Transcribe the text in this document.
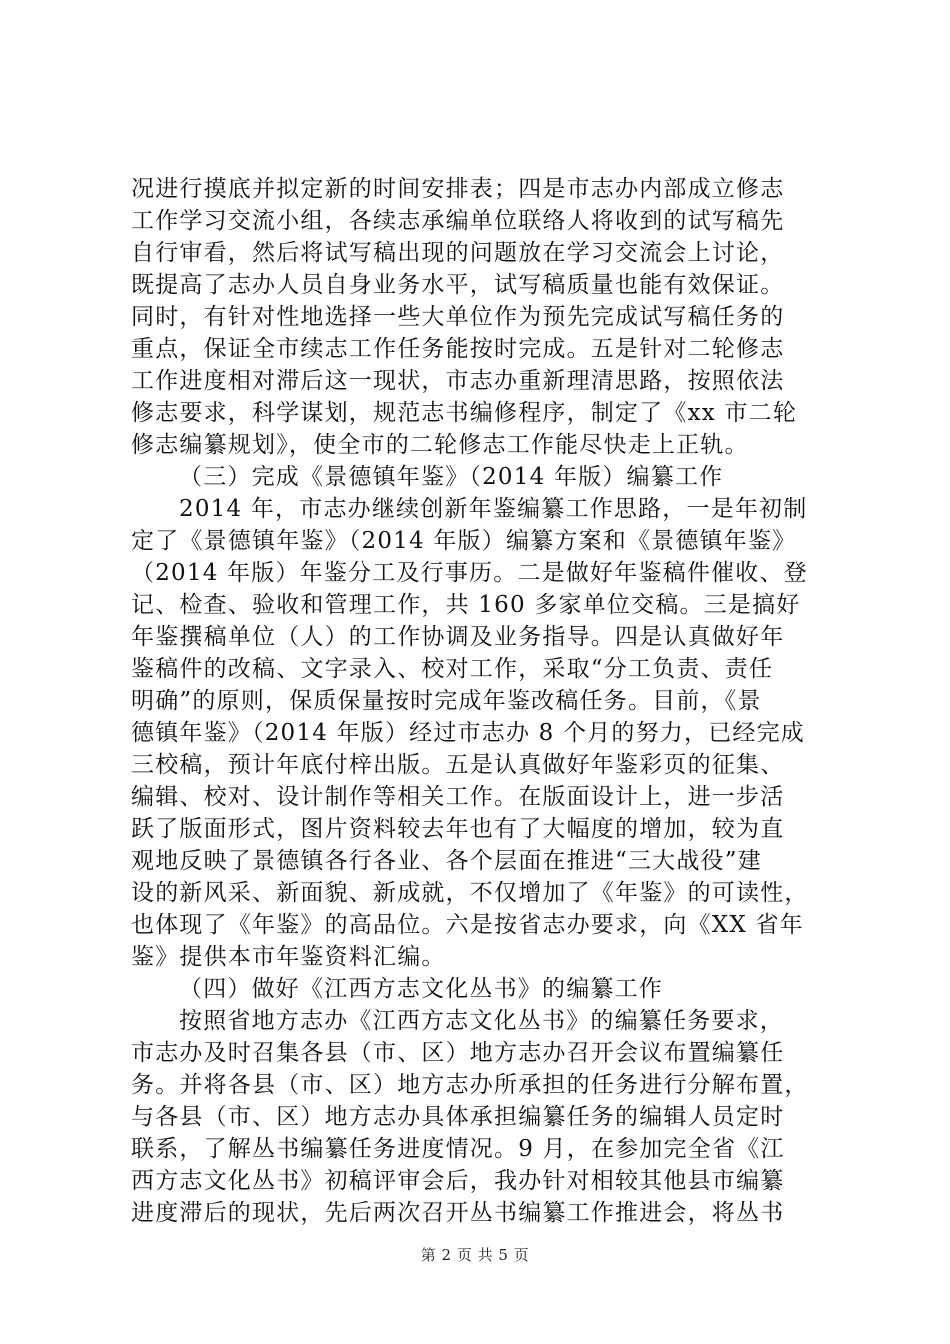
况进行摸底并拟定新的时间安排表；四是市志办内部成立修志
工作学习交流小组，各续志承编单位联络人将收到的试写稿先
自行审看，然后将试写稿出现的问题放在学习交流会上讨论，
既提高了志办人员自身业务水平，试写稿质量也能有效保证。
同时，有针对性地选择一些大单位作为预先完成试写稿任务的
重点，保证全市续志工作任务能按时完成。五是针对二轮修志
工作进度相对滞后这一现状，市志办重新理清思路，按照依法
修志要求，科学谋划，规范志书编修程序，制定了《xx 市二轮
修志编纂规划》，使全市的二轮修志工作能尽快走上正轨。
（三）完成《景德镇年鉴》（2014 年版）编纂工作
2014 年，市志办继续创新年鉴编纂工作思路，一是年初制
定了《景德镇年鉴》（2014 年版）编纂方案和《景德镇年鉴》
（2014 年版）年鉴分工及行事历。二是做好年鉴稿件催收、登
记、检查、验收和管理工作，共 160 多家单位交稿。三是搞好
年鉴撰稿单位（人）的工作协调及业务指导。四是认真做好年
鉴稿件的改稿、文字录入、校对工作，采取“分工负责、责任
明确”的原则，保质保量按时完成年鉴改稿任务。目前，《景
德镇年鉴》（2014 年版）经过市志办 8 个月的努力，已经完成
三校稿，预计年底付梓出版。五是认真做好年鉴彩页的征集、
编辑、校对、设计制作等相关工作。在版面设计上，进一步活
跃了版面形式，图片资料较去年也有了大幅度的增加，较为直
观地反映了景德镇各行各业、各个层面在推进“三大战役”建
设的新风采、新面貌、新成就，不仅增加了《年鉴》的可读性，
也体现了《年鉴》的高品位。六是按省志办要求，向《XX 省年
鉴》提供本市年鉴资料汇编。
（四）做好《江西方志文化丛书》的编纂工作
按照省地方志办《江西方志文化丛书》的编纂任务要求，
市志办及时召集各县（市、区）地方志办召开会议布置编纂任
务。并将各县（市、区）地方志办所承担的任务进行分解布置，
与各县（市、区）地方志办具体承担编纂任务的编辑人员定时
联系，了解丛书编纂任务进度情况。9 月，在参加完全省《江
西方志文化丛书》初稿评审会后，我办针对相较其他县市编纂
进度滞后的现状，先后两次召开丛书编纂工作推进会，将丛书
第 2 页 共 5 页
